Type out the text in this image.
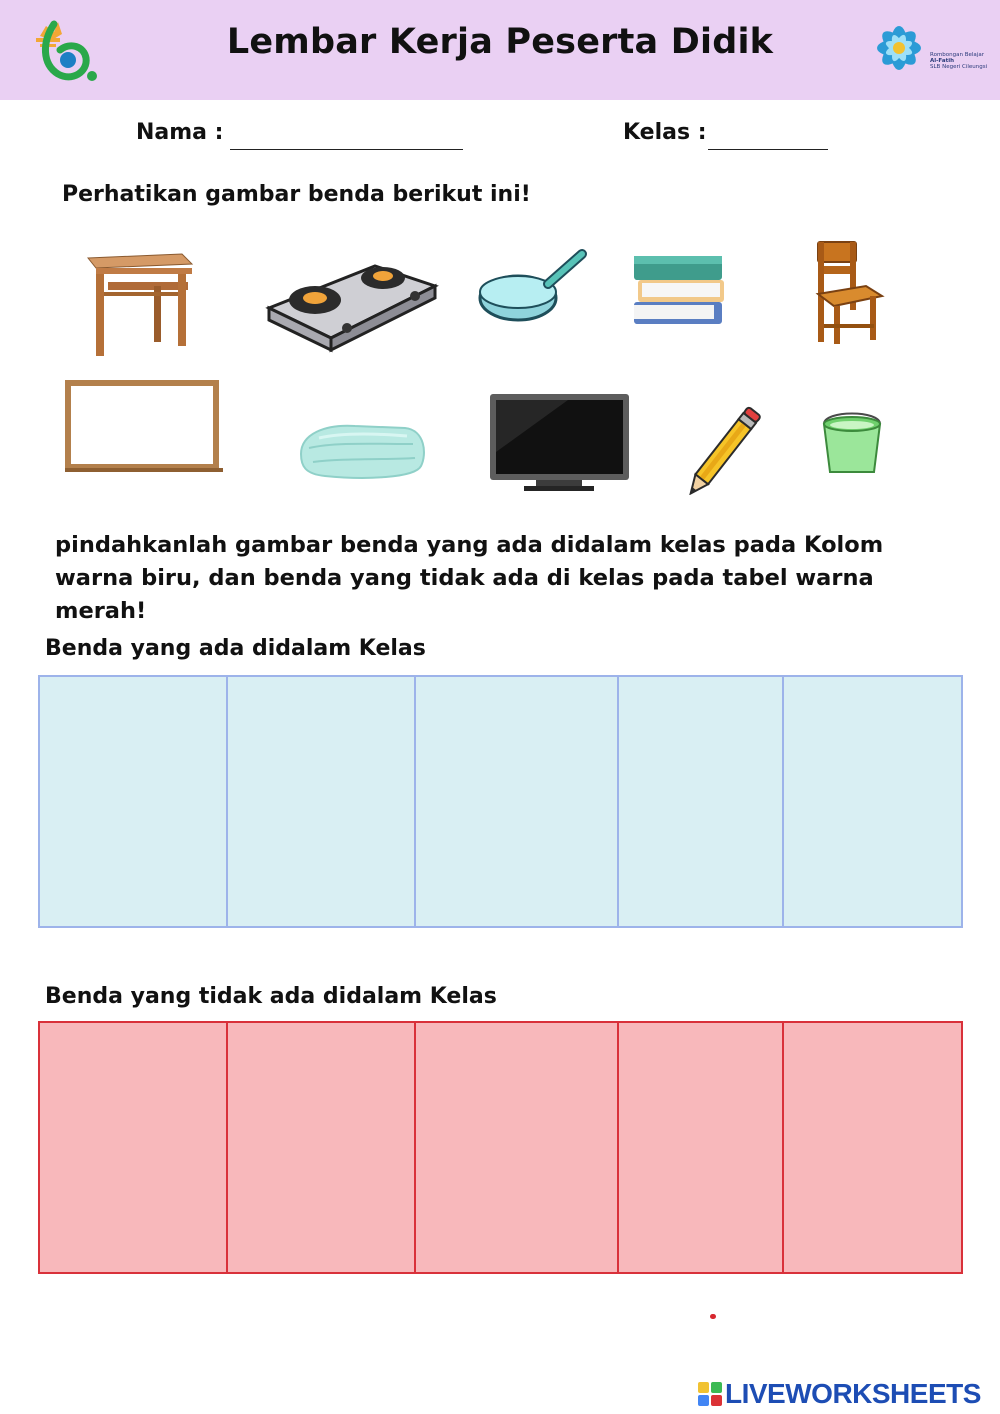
Lembar Kerja Peserta Didik	Rombongan Belajar
Al-Fatih
SLB Negeri Cileungsi
Nama :	Kelas :
Perhatikan gambar benda berikut ini!
pindahkanlah gambar benda yang ada didalam kelas pada Kolom
warna biru, dan benda yang tidak ada di kelas pada tabel warna
merah!
Benda yang ada didalam Kelas
Benda yang tidak ada didalam Kelas
LIVEWORKSHEETS
